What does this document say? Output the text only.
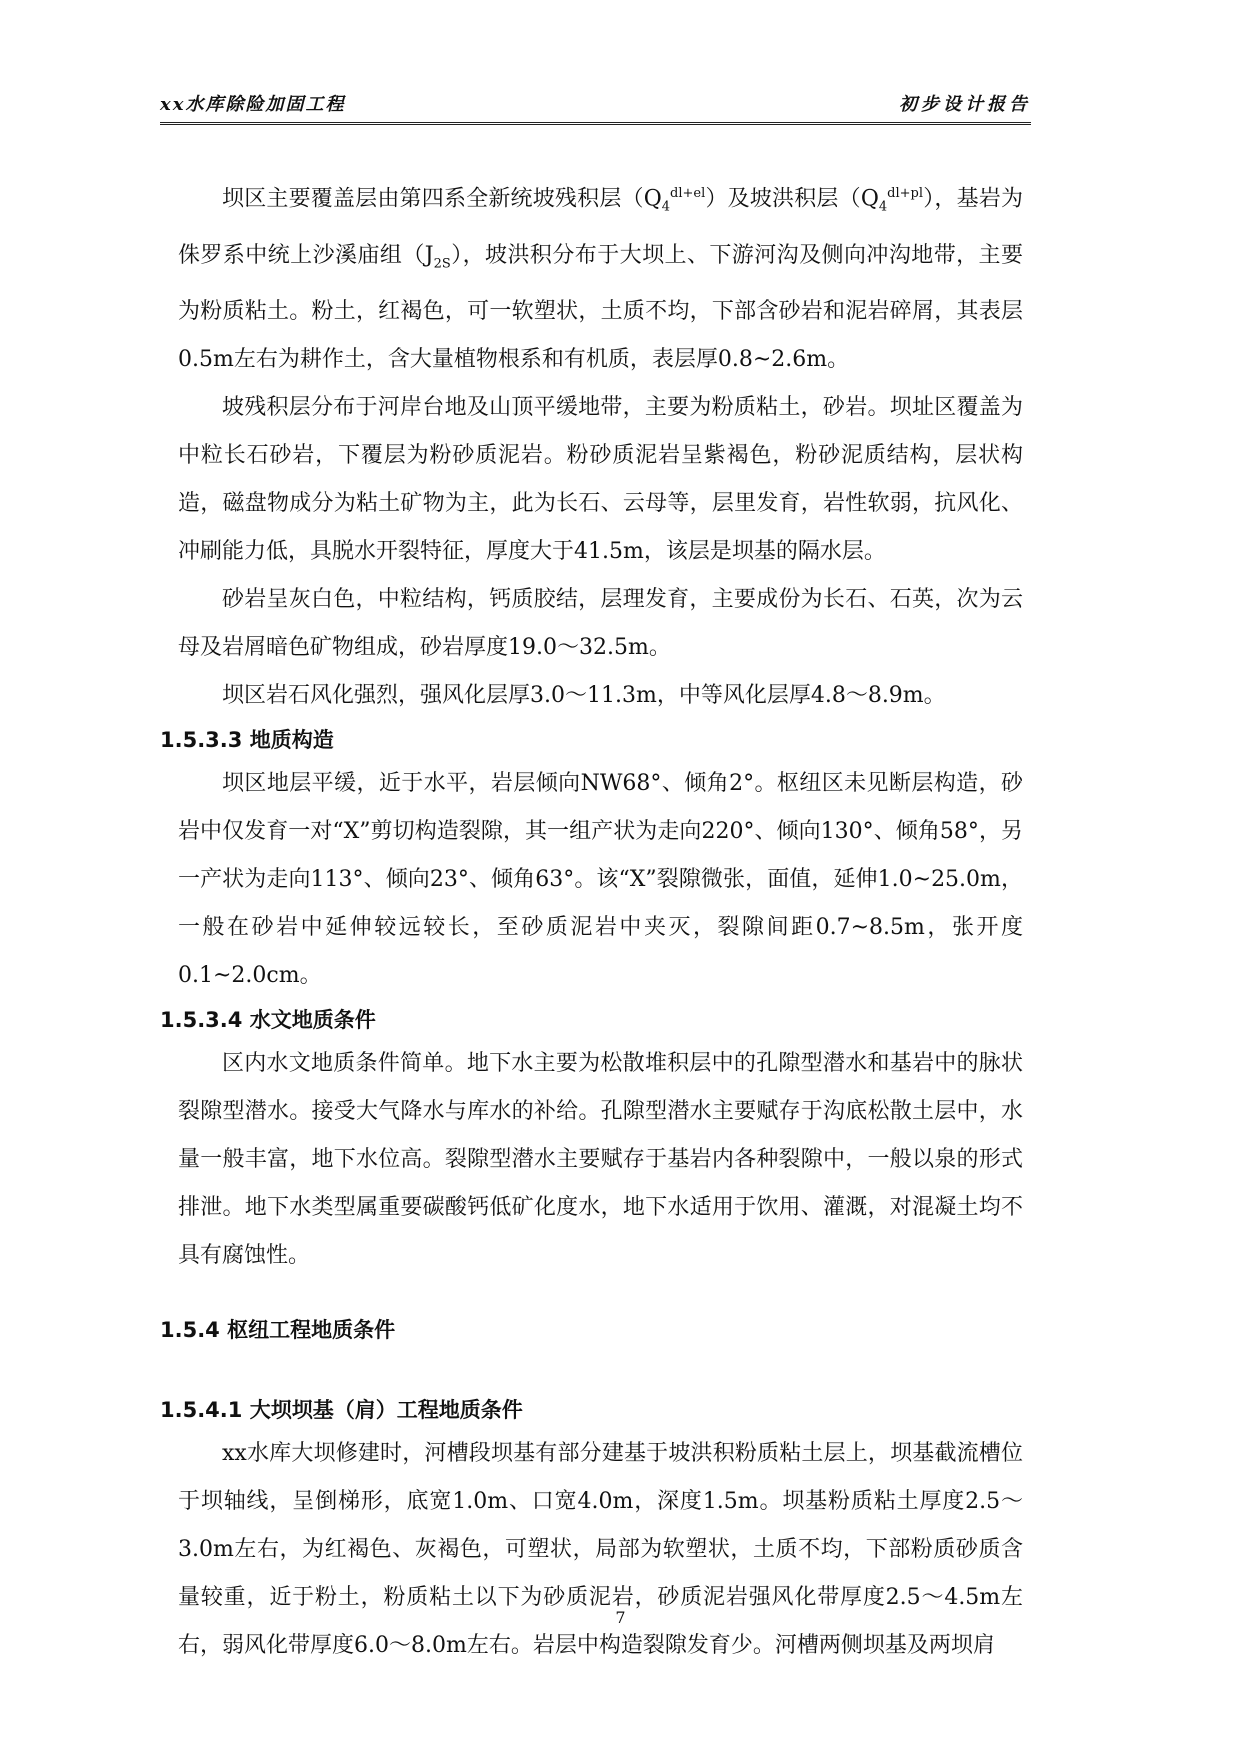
xx水库除险加固工程	初步设计报告

坝区主要覆盖层由第四系全新统坡残积层$(Q_4^{dl+el})$及坡洪积层$(Q_4^{dl+pl})$，基岩为侏罗系中统上沙溪庙组$(J_{2S})$，坡洪积分布于大坝上、下游河沟及侧向冲沟地带，主要为粉质粘土。粉土，红褐色，可一软塑状，土质不均，下部含砂岩和泥岩碎屑，其表层0.5m左右为耕作土，含大量植物根系和有机质，表层厚0.8~2.6m。

坡残积层分布于河岸台地及山顶平缓地带，主要为粉质粘土，砂岩。坝址区覆盖为中粒长石砂岩，下覆层为粉砂质泥岩。粉砂质泥岩呈紫褐色，粉砂泥质结构，层状构造，磁盘物成分为粘土矿物为主，此为长石、云母等，层里发育，岩性软弱，抗风化、冲刷能力低，具脱水开裂特征，厚度大于41.5m，该层是坝基的隔水层。

砂岩呈灰白色，中粒结构，钙质胶结，层理发育，主要成份为长石、石英，次为云母及岩屑暗色矿物组成，砂岩厚度19.0～32.5m。

坝区岩石风化强烈，强风化层厚3.0～11.3m，中等风化层厚4.8～8.9m。

1.5.3.3 地质构造

坝区地层平缓，近于水平，岩层倾向NW68°、倾角2°。枢纽区未见断层构造，砂岩中仅发育一对“X”剪切构造裂隙，其一组产状为走向220°、倾向130°、倾角58°，另一产状为走向113°、倾向23°、倾角63°。该“X”裂隙微张，面值，延伸1.0~25.0m，一般在砂岩中延伸较远较长，至砂质泥岩中夹灭，裂隙间距0.7~8.5m，张开度0.1~2.0cm。

1.5.3.4 水文地质条件

区内水文地质条件简单。地下水主要为松散堆积层中的孔隙型潜水和基岩中的脉状裂隙型潜水。接受大气降水与库水的补给。孔隙型潜水主要赋存于沟底松散土层中，水量一般丰富，地下水位高。裂隙型潜水主要赋存于基岩内各种裂隙中，一般以泉的形式排泄。地下水类型属重要碳酸钙低矿化度水，地下水适用于饮用、灌溉，对混凝土均不具有腐蚀性。

1.5.4 枢纽工程地质条件

1.5.4.1 大坝坝基（肩）工程地质条件

xx水库大坝修建时，河槽段坝基有部分建基于坡洪积粉质粘土层上，坝基截流槽位于坝轴线，呈倒梯形，底宽1.0m、口宽4.0m，深度1.5m。坝基粉质粘土厚度2.5～3.0m左右，为红褐色、灰褐色，可塑状，局部为软塑状，土质不均，下部粉质砂质含量较重，近于粉土，粉质粘土以下为砂质泥岩，砂质泥岩强风化带厚度2.5～4.5m左右，弱风化带厚度6.0～8.0m左右。岩层中构造裂隙发育少。河槽两侧坝基及两坝肩

7
